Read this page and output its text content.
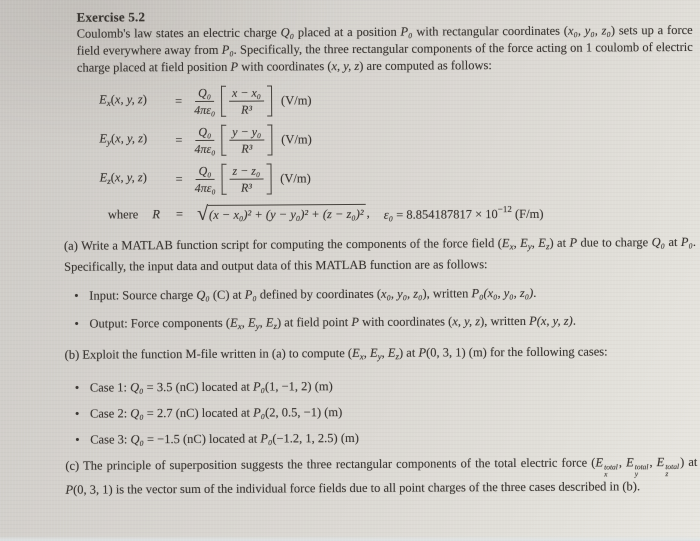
Exercise 5.2

Coulomb's law states an electric charge Q₀ placed at a position P₀ with rectangular coordinates (x₀, y₀, z₀) sets up a force field everywhere away from P₀. Specifically, the three rectangular components of the force acting on 1 coulomb of electric charge placed at field position P with coordinates (x, y, z) are computed as follows:

$E_x(x$, y, z)	= $\frac{\text{Q₀}}{\text{4πε₀}} \frac{\text{x − x₀}}{\text{R³}} (V/m)$
$E_y(x$, y, z)	= $\frac{\text{Q₀}}{\text{4πε₀}} \frac{\text{y − y₀}}{\text{R³}} (V/m)$
$E_z(x$, y, z)	= $\frac{\text{Q₀}}{\text{4πε₀}} \frac{\text{z − z₀}}{\text{R³}} (V/m)$
where R = √ (x − x₀)² + (y − y₀)² + (z − z₀)² , $\varepsilon_0 = 8.854187817 \times 10^{-12}$ (F/m)

(a) Write a MATLAB function script for computing the components of the force field ($E_x$, $E_y$, $E_z$) at P due to charge Q₀ at P₀. Specifically, the input data and output data of this MATLAB function are as follows:

• Input: Source charge Q₀ (C) at P₀ defined by coordinates (x₀, y₀, z₀), written P₀(x₀, y₀, z₀).
• Output: Force components ($E_x$, $E_y$, $E_z$) at field point P with coordinates (x, y, z), written P(x, y, z).

(b) Exploit the function M-file written in (a) to compute ($E_x$, $E_y$, $E_z$) at P(0, 3, 1) (m) for the following cases:

• Case 1: Q₀ = 3.5 (nC) located at P₀(1, −1, 2) (m)
• Case 2: Q₀ = 2.7 (nC) located at P₀(2, 0.5, −1) (m)
• Case 3: Q₀ = −1.5 (nC) located at P₀(−1.2, 1, 2.5) (m)

(c) The principle of superposition suggests the three rectangular components of the total electric force (E total
x
, E total
y
, E total
z
) at P(0, 3, 1) is the vector sum of the individual force fields due to all point charges of the three cases described in (b).
